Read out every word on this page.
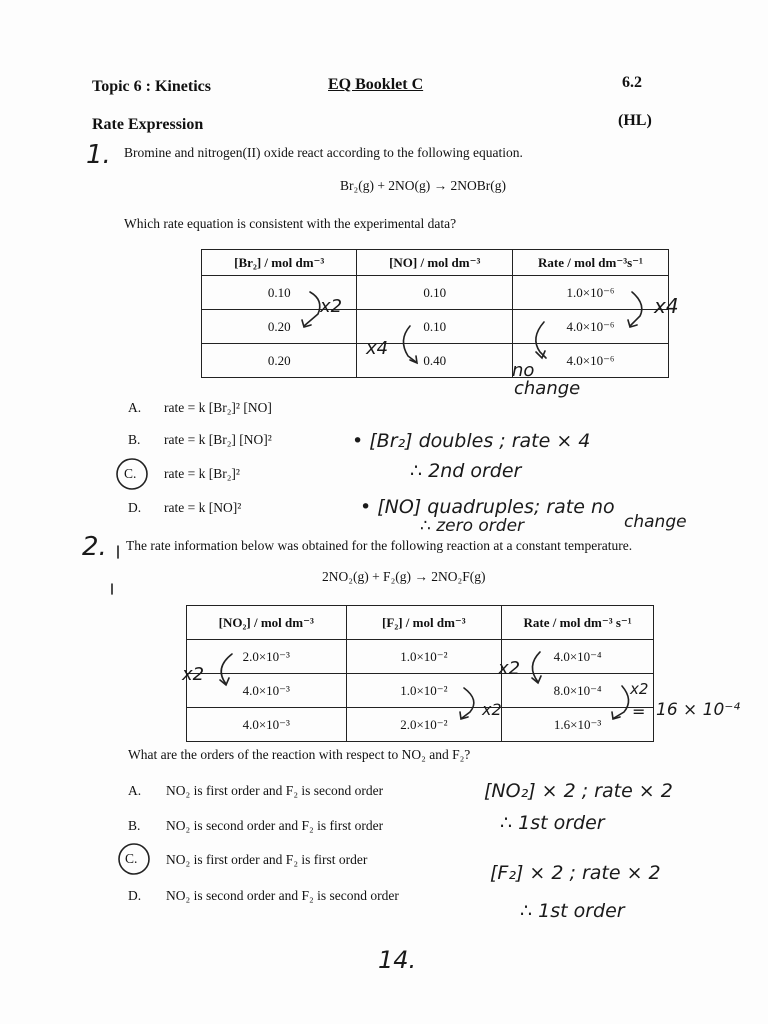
Topic 6 : Kinetics	EQ Booklet C	6.2
Rate Expression	(HL)
1. Bromine and nitrogen(II) oxide react according to the following equation.
Br₂(g) + 2NO(g) → 2NOBr(g)
Which rate equation is consistent with the experimental data?
[Br₂] / mol dm⁻³	[NO] / mol dm⁻³	Rate / mol dm⁻³s⁻¹
0.10	0.10	1.0×10⁻⁶
0.20	0.10	4.0×10⁻⁶
0.20	0.40	4.0×10⁻⁶
x2	x4
x4
no
change
A. rate = k [Br₂]² [NO]
B. rate = k [Br₂] [NO]²
C. rate = k [Br₂]²
D. rate = k [NO]²
• [Br₂] doubles ; rate × 4
∴ 2nd order
• [NO] quadruples; rate no
∴ zero order	change
2. The rate information below was obtained for the following reaction at a constant temperature.
2NO₂(g) + F₂(g) → 2NO₂F(g)
[NO₂] / mol dm⁻³	[F₂] / mol dm⁻³	Rate / mol dm⁻³ s⁻¹
2.0×10⁻³	1.0×10⁻²	4.0×10⁻⁴
4.0×10⁻³	1.0×10⁻²	8.0×10⁻⁴
4.0×10⁻³	2.0×10⁻²	1.6×10⁻³
x2	x2
x2
x2
= 16 × 10⁻⁴
What are the orders of the reaction with respect to NO₂ and F₂?
A. NO₂ is first order and F₂ is second order
B. NO₂ is second order and F₂ is first order
C. NO₂ is first order and F₂ is first order
D. NO₂ is second order and F₂ is second order
[NO₂] × 2 ; rate × 2
∴ 1st order
[F₂] × 2 ; rate × 2
∴ 1st order
14.
